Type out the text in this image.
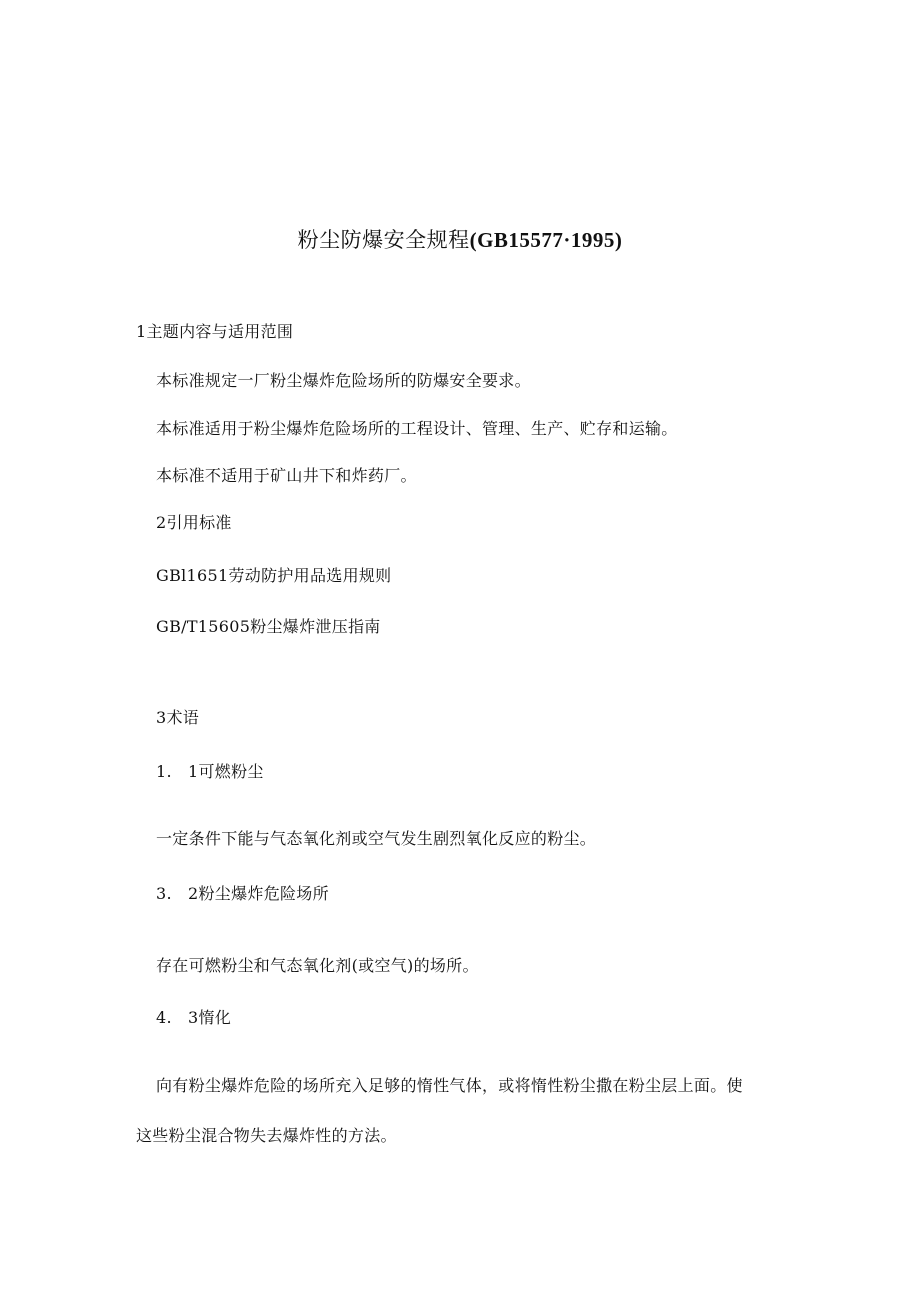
粉尘防爆安全规程(GB15577·1995)
1主题内容与适用范围
本标准规定一厂粉尘爆炸危险场所的防爆安全要求。
本标准适用于粉尘爆炸危险场所的工程设计、管理、生产、贮存和运输。
本标准不适用于矿山井下和炸药厂。
2引用标准
GBl1651劳动防护用品选用规则
GB/T15605粉尘爆炸泄压指南
3术语
1.   1可燃粉尘
一定条件下能与气态氧化剂或空气发生剧烈氧化反应的粉尘。
3.   2粉尘爆炸危险场所
存在可燃粉尘和气态氧化剂(或空气)的场所。
4.   3惰化
向有粉尘爆炸危险的场所充入足够的惰性气体，或将惰性粉尘撒在粉尘层上面。使
这些粉尘混合物失去爆炸性的方法。
